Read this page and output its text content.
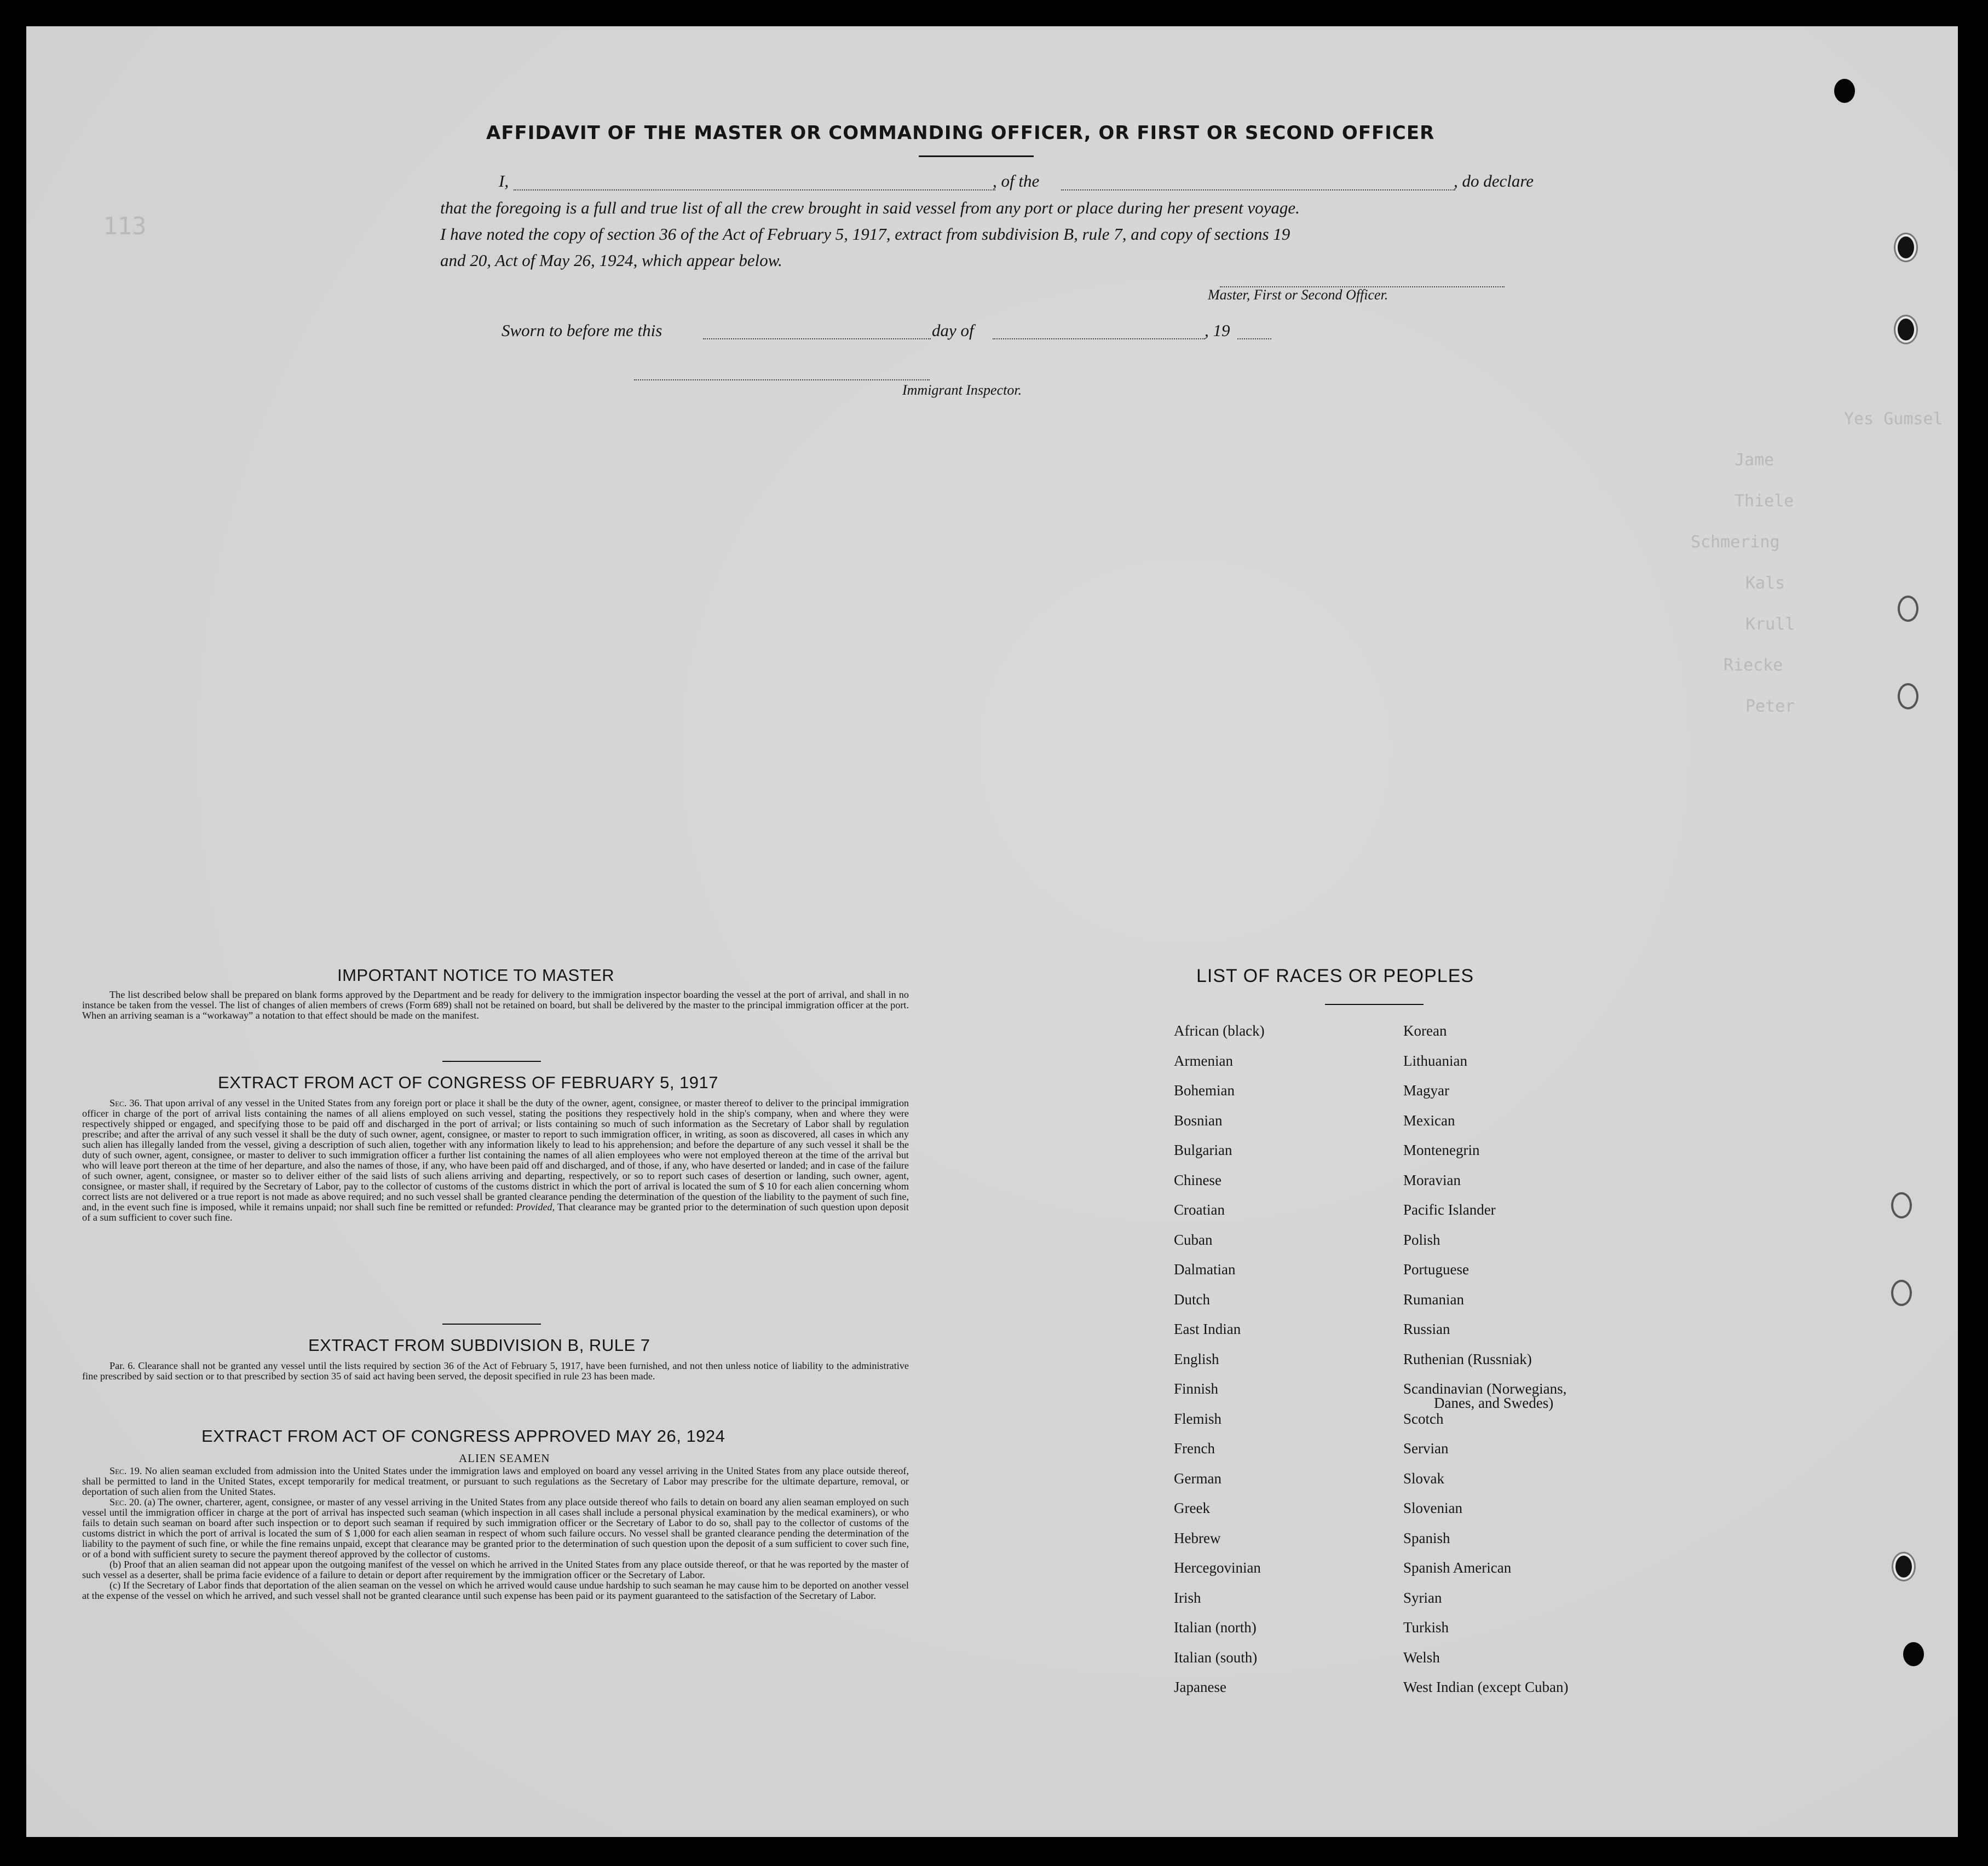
113
Yes Gumsel
Jame
Thiele
Schmering
Kals
Krull
Riecke
Peter
AFFIDAVIT OF THE MASTER OR COMMANDING OFFICER, OR FIRST OR SECOND OFFICER
I,	, of the	, do declare
that the foregoing is a full and true list of all the crew brought in said vessel from any port or place during her present voyage.
I have noted the copy of section 36 of the Act of February 5, 1917, extract from subdivision B, rule 7, and copy of sections 19
and 20, Act of May 26, 1924, which appear below.
Master, First or Second Officer.
Sworn to before me this	day of	, 19
Immigrant Inspector.
IMPORTANT NOTICE TO MASTER

The list described below shall be prepared on blank forms approved by the Department and be ready for delivery to the immigration inspector boarding the vessel at the port of arrival, and shall in no instance be taken from the vessel. The list of changes of alien members of crews (Form 689) shall not be retained on board, but shall be delivered by the master to the principal immigration officer at the port. When an arriving seaman is a “workaway” a notation to that effect should be made on the manifest.

EXTRACT FROM ACT OF CONGRESS OF FEBRUARY 5, 1917

Sec. 36. That upon arrival of any vessel in the United States from any foreign port or place it shall be the duty of the owner, agent, consignee, or master thereof to deliver to the principal immigration officer in charge of the port of arrival lists containing the names of all aliens employed on such vessel, stating the positions they respectively hold in the ship's company, when and where they were respectively shipped or engaged, and specifying those to be paid off and discharged in the port of arrival; or lists containing so much of such information as the Secretary of Labor shall by regulation prescribe; and after the arrival of any such vessel it shall be the duty of such owner, agent, consignee, or master to report to such immigration officer, in writing, as soon as discovered, all cases in which any such alien has illegally landed from the vessel, giving a description of such alien, together with any information likely to lead to his apprehension; and before the departure of any such vessel it shall be the duty of such owner, agent, consignee, or master to deliver to such immigration officer a further list containing the names of all alien employees who were not employed thereon at the time of the arrival but who will leave port thereon at the time of her departure, and also the names of those, if any, who have been paid off and discharged, and of those, if any, who have deserted or landed; and in case of the failure of such owner, agent, consignee, or master so to deliver either of the said lists of such aliens arriving and departing, respectively, or so to report such cases of desertion or landing, such owner, agent, consignee, or master shall, if required by the Secretary of Labor, pay to the collector of customs of the customs district in which the port of arrival is located the sum of $ 10 for each alien concerning whom correct lists are not delivered or a true report is not made as above required; and no such vessel shall be granted clearance pending the determination of the question of the liability to the payment of such fine, and, in the event such fine is imposed, while it remains unpaid; nor shall such fine be remitted or refunded: Provided, That clearance may be granted prior to the determination of such question upon deposit of a sum sufficient to cover such fine.

EXTRACT FROM SUBDIVISION B, RULE 7

Par. 6. Clearance shall not be granted any vessel until the lists required by section 36 of the Act of February 5, 1917, have been furnished, and not then unless notice of liability to the administrative fine prescribed by said section or to that prescribed by section 35 of said act having been served, the deposit specified in rule 23 has been made.

EXTRACT FROM ACT OF CONGRESS APPROVED MAY 26, 1924
ALIEN SEAMEN

Sec. 19. No alien seaman excluded from admission into the United States under the immigration laws and employed on board any vessel arriving in the United States from any place outside thereof, shall be permitted to land in the United States, except temporarily for medical treatment, or pursuant to such regulations as the Secretary of Labor may prescribe for the ultimate departure, removal, or deportation of such alien from the United States.

Sec. 20. (a) The owner, charterer, agent, consignee, or master of any vessel arriving in the United States from any place outside thereof who fails to detain on board any alien seaman employed on such vessel until the immigration officer in charge at the port of arrival has inspected such seaman (which inspection in all cases shall include a personal physical examination by the medical examiners), or who fails to detain such seaman on board after such inspection or to deport such seaman if required by such immigration officer or the Secretary of Labor to do so, shall pay to the collector of customs of the customs district in which the port of arrival is located the sum of $ 1,000 for each alien seaman in respect of whom such failure occurs. No vessel shall be granted clearance pending the determination of the liability to the payment of such fine, or while the fine remains unpaid, except that clearance may be granted prior to the determination of such question upon the deposit of a sum sufficient to cover such fine, or of a bond with sufficient surety to secure the payment thereof approved by the collector of customs.

(b) Proof that an alien seaman did not appear upon the outgoing manifest of the vessel on which he arrived in the United States from any place outside thereof, or that he was reported by the master of such vessel as a deserter, shall be prima facie evidence of a failure to detain or deport after requirement by the immigration officer or the Secretary of Labor.

(c) If the Secretary of Labor finds that deportation of the alien seaman on the vessel on which he arrived would cause undue hardship to such seaman he may cause him to be deported on another vessel at the expense of the vessel on which he arrived, and such vessel shall not be granted clearance until such expense has been paid or its payment guaranteed to the satisfaction of the Secretary of Labor.

LIST OF RACES OR PEOPLES
African (black)
Armenian
Bohemian
Bosnian
Bulgarian
Chinese
Croatian
Cuban
Dalmatian
Dutch
East Indian
English
Finnish
Flemish
French
German
Greek
Hebrew
Hercegovinian
Irish
Italian (north)
Italian (south)
Japanese
Korean
Lithuanian
Magyar
Mexican
Montenegrin
Moravian
Pacific Islander
Polish
Portuguese
Rumanian
Russian
Ruthenian (Russniak)
Scandinavian (Norwegians,
Danes, and Swedes)
Scotch
Servian
Slovak
Slovenian
Spanish
Spanish American
Syrian
Turkish
Welsh
West Indian (except Cuban)
